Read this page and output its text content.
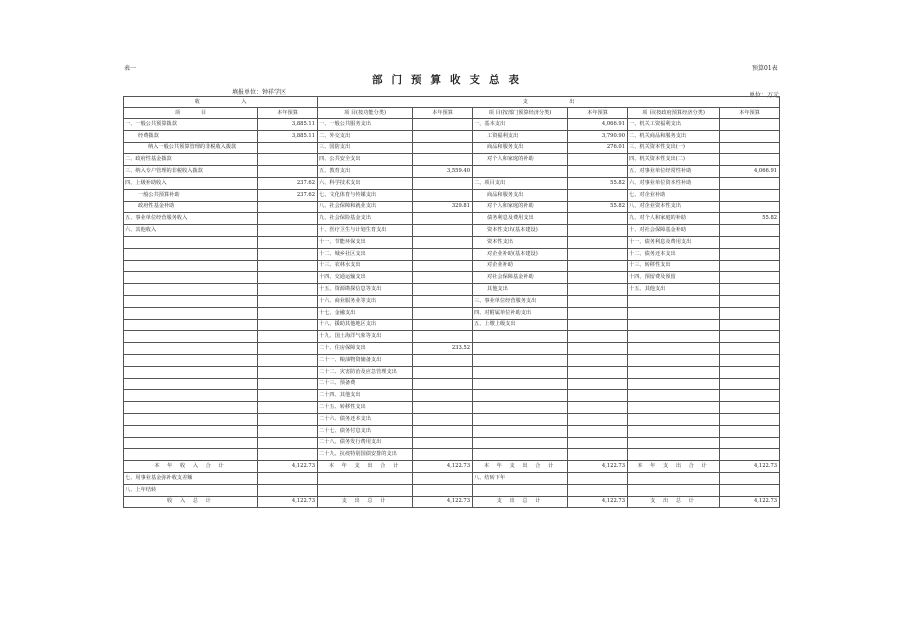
表一	预算01表
部门预算收支总表
填报单位：钟祥学区	单位：万元
收　　　　　　　　入		支　　　　　　　　出					
项　　　　目	本年预算	项 目(按功能分类)	本年预算	项 目(按部门预算经济分类)	本年预算	项 目(按政府预算经济分类)	本年预算
一、一般公共预算拨款	3,885.11	一、一般公共服务支出		一、基本支出	4,066.91	一、机关工资福利支出	
经费拨款	3,885.11	二、外交支出		工资福利支出	3,790.90	二、机关商品和服务支出	
纳入一般公共预算管理的非税收入拨款		三、国防支出		商品和服务支出	276.01	三、机关资本性支出(一)	
二、政府性基金拨款		四、公共安全支出		对个人和家庭的补助		四、机关资本性支出(二)	
三、纳入专户管理的非税收入拨款		五、教育支出	3,559.40			五、对事业单位经常性补助	4,066.91
四、上级补助收入	237.62	六、科学技术支出		二、项目支出	55.82	六、对事业单位资本性补助	
一般公共预算补助	237.62	七、文化体育与传媒支出		商品和服务支出		七、对企业补助	
政府性基金补助		八、社会保障和就业支出	329.81	对个人和家庭的补助	55.82	八、对企业资本性支出	
五、事业单位经营服务收入		九、社会保险基金支出		债务利息及费用支出		九、对个人和家庭的补助	55.82
六、其他收入		十、医疗卫生与计划生育支出		资本性支出(基本建设)		十、对社会保障基金补助	
		十一、节能环保支出		资本性支出		十一、债务利息及费用支出	
		十二、城乡社区支出		对企业补助(基本建设)		十二、债务还本支出	
		十三、农林水支出		对企业补助		十三、转移性支出	
		十四、交通运输支出		对社会保障基金补助		十四、预留费及预留	
		十五、资源勘探信息等支出		其他支出		十五、其他支出	
		十六、商业服务业等支出		三、事业单位经营服务支出			
		十七、金融支出		四、对附属单位补助支出			
		十八、援助其他地区支出		五、上缴上级支出			
		十九、国土海洋气象等支出					
		二十、住房保障支出	233.52				
		二十一、粮油物资储备支出					
		二十二、灾害防治及应急管理支出					
		二十三、预备费					
		二十四、其他支出					
		二十五、转移性支出					
		二十六、债务还本支出					
		二十七、债务付息支出					
		二十八、债务发行费用支出					
		二十九、抗疫特别国债安排的支出					
本 年 收 入 合 计	4,122.73	本 年 支 出 合 计	4,122.73	本 年 支 出 合 计	4,122.73	本 年 支 出 合 计	4,122.73
七、用事业基金弥补收支差额				八、结转下年			
八、上年结转							
收 入 总 计	4,122.73	支 出 总 计	4,122.73	支 出 总 计	4,122.73	支 出 总 计	4,122.73
